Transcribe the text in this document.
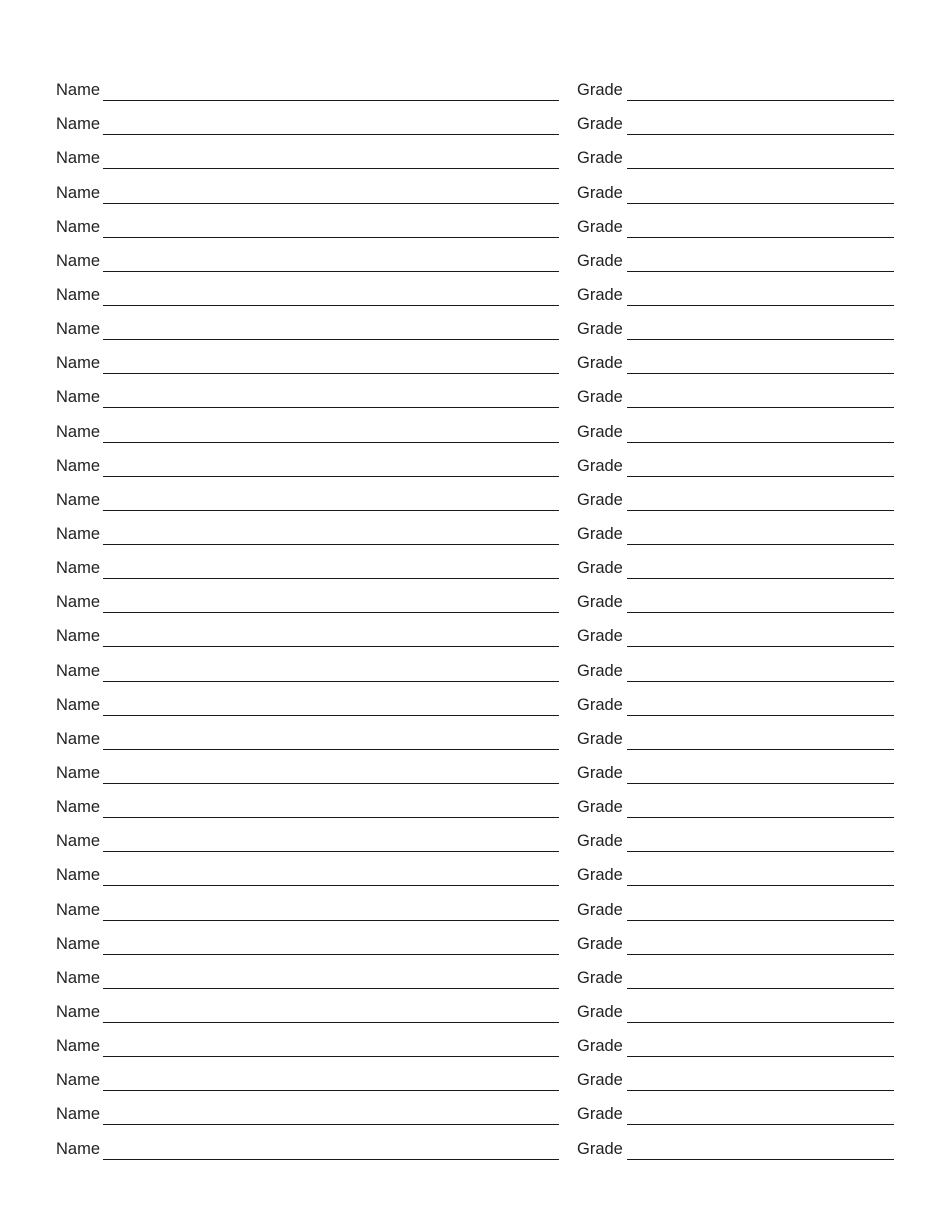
Name	Grade
Name	Grade
Name	Grade
Name	Grade
Name	Grade
Name	Grade
Name	Grade
Name	Grade
Name	Grade
Name	Grade
Name	Grade
Name	Grade
Name	Grade
Name	Grade
Name	Grade
Name	Grade
Name	Grade
Name	Grade
Name	Grade
Name	Grade
Name	Grade
Name	Grade
Name	Grade
Name	Grade
Name	Grade
Name	Grade
Name	Grade
Name	Grade
Name	Grade
Name	Grade
Name	Grade
Name	Grade
